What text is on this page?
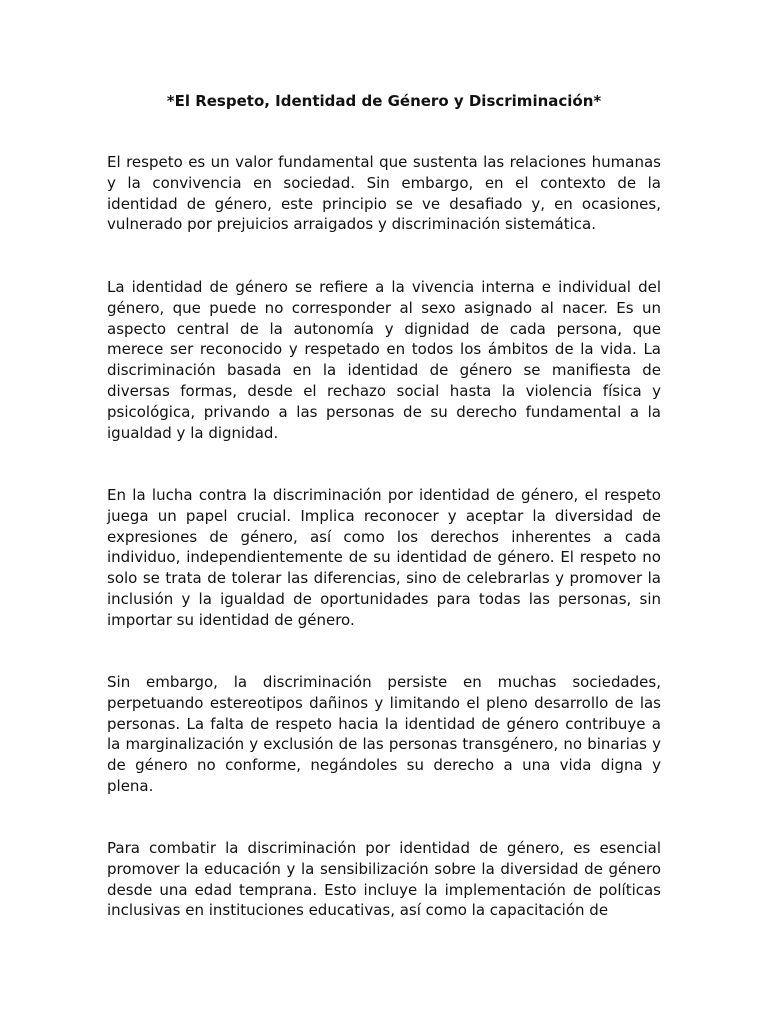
*El Respeto, Identidad de Género y Discriminación*

El respeto es un valor fundamental que sustenta las relaciones humanas y la convivencia en sociedad. Sin embargo, en el contexto de la identidad de género, este principio se ve desafiado y, en ocasiones, vulnerado por prejuicios arraigados y discriminación sistemática.

La identidad de género se refiere a la vivencia interna e individual del género, que puede no corresponder al sexo asignado al nacer. Es un aspecto central de la autonomía y dignidad de cada persona, que merece ser reconocido y respetado en todos los ámbitos de la vida. La discriminación basada en la identidad de género se manifiesta de diversas formas, desde el rechazo social hasta la violencia física y psicológica, privando a las personas de su derecho fundamental a la igualdad y la dignidad.

En la lucha contra la discriminación por identidad de género, el respeto juega un papel crucial. Implica reconocer y aceptar la diversidad de expresiones de género, así como los derechos inherentes a cada individuo, independientemente de su identidad de género. El respeto no solo se trata de tolerar las diferencias, sino de celebrarlas y promover la inclusión y la igualdad de oportunidades para todas las personas, sin importar su identidad de género.

Sin embargo, la discriminación persiste en muchas sociedades, perpetuando estereotipos dañinos y limitando el pleno desarrollo de las personas. La falta de respeto hacia la identidad de género contribuye a la marginalización y exclusión de las personas transgénero, no binarias y de género no conforme, negándoles su derecho a una vida digna y plena.

Para combatir la discriminación por identidad de género, es esencial promover la educación y la sensibilización sobre la diversidad de género desde una edad temprana. Esto incluye la implementación de políticas inclusivas en instituciones educativas, así como la capacitación de
